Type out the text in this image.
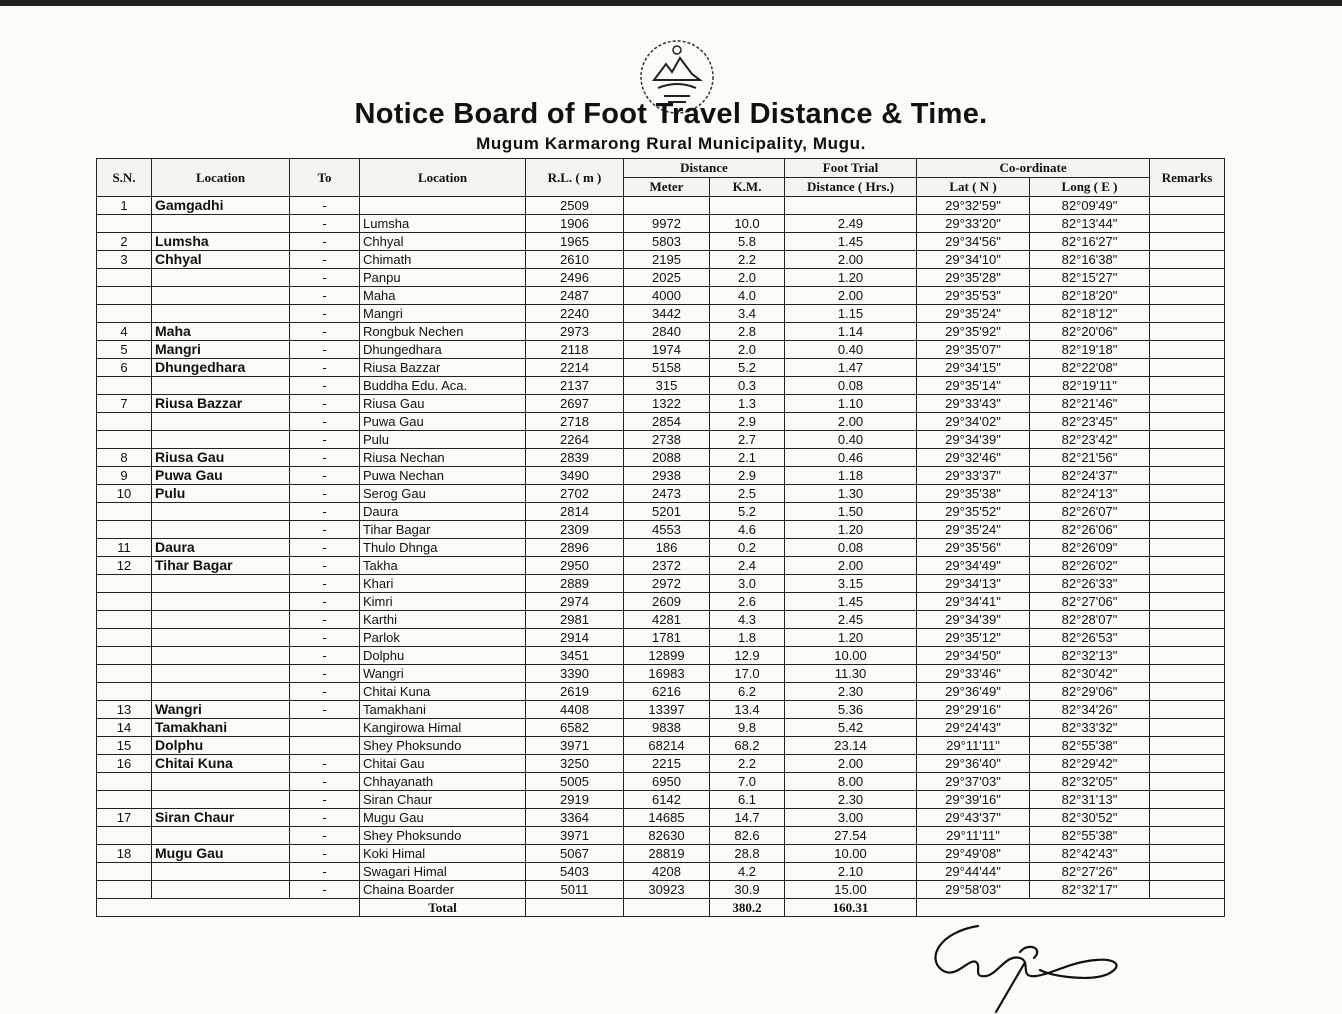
Notice Board of Foot Travel Distance & Time.
Mugum Karmarong Rural Municipality, Mugu.
S.N.	Location	To	Location	R.L. ( m )	Distance		Foot Trial	Co-ordinate		Remarks
					Meter	K.M.	Distance ( Hrs.)	Lat ( N )	Long ( E )	
1	Gamgadhi	-		2509				29°32'59"	82°09'49"	
		-	Lumsha	1906	9972	10.0	2.49	29°33'20"	82°13'44"	
2	Lumsha	-	Chhyal	1965	5803	5.8	1.45	29°34'56"	82°16'27"	
3	Chhyal	-	Chimath	2610	2195	2.2	2.00	29°34'10"	82°16'38"	
		-	Panpu	2496	2025	2.0	1.20	29°35'28"	82°15'27"	
		-	Maha	2487	4000	4.0	2.00	29°35'53"	82°18'20"	
		-	Mangri	2240	3442	3.4	1.15	29°35'24"	82°18'12"	
4	Maha	-	Rongbuk Nechen	2973	2840	2.8	1.14	29°35'92"	82°20'06"	
5	Mangri	-	Dhungedhara	2118	1974	2.0	0.40	29°35'07"	82°19'18"	
6	Dhungedhara	-	Riusa Bazzar	2214	5158	5.2	1.47	29°34'15"	82°22'08"	
		-	Buddha Edu. Aca.	2137	315	0.3	0.08	29°35'14"	82°19'11"	
7	Riusa Bazzar	-	Riusa Gau	2697	1322	1.3	1.10	29°33'43"	82°21'46"	
		-	Puwa Gau	2718	2854	2.9	2.00	29°34'02"	82°23'45"	
		-	Pulu	2264	2738	2.7	0.40	29°34'39"	82°23'42"	
8	Riusa Gau	-	Riusa Nechan	2839	2088	2.1	0.46	29°32'46"	82°21'56"	
9	Puwa Gau	-	Puwa Nechan	3490	2938	2.9	1.18	29°33'37"	82°24'37"	
10	Pulu	-	Serog Gau	2702	2473	2.5	1.30	29°35'38"	82°24'13"	
		-	Daura	2814	5201	5.2	1.50	29°35'52"	82°26'07"	
		-	Tihar Bagar	2309	4553	4.6	1.20	29°35'24"	82°26'06"	
11	Daura	-	Thulo Dhnga	2896	186	0.2	0.08	29°35'56"	82°26'09"	
12	Tihar Bagar	-	Takha	2950	2372	2.4	2.00	29°34'49"	82°26'02"	
		-	Khari	2889	2972	3.0	3.15	29°34'13"	82°26'33"	
		-	Kimri	2974	2609	2.6	1.45	29°34'41"	82°27'06"	
		-	Karthi	2981	4281	4.3	2.45	29°34'39"	82°28'07"	
		-	Parlok	2914	1781	1.8	1.20	29°35'12"	82°26'53"	
		-	Dolphu	3451	12899	12.9	10.00	29°34'50"	82°32'13"	
		-	Wangri	3390	16983	17.0	11.30	29°33'46"	82°30'42"	
		-	Chitai Kuna	2619	6216	6.2	2.30	29°36'49"	82°29'06"	
13	Wangri	-	Tamakhani	4408	13397	13.4	5.36	29°29'16"	82°34'26"	
14	Tamakhani		Kangirowa Himal	6582	9838	9.8	5.42	29°24'43"	82°33'32"	
15	Dolphu		Shey Phoksundo	3971	68214	68.2	23.14	29°11'11"	82°55'38"	
16	Chitai Kuna	-	Chitai Gau	3250	2215	2.2	2.00	29°36'40"	82°29'42"	
		-	Chhayanath	5005	6950	7.0	8.00	29°37'03"	82°32'05"	
		-	Siran Chaur	2919	6142	6.1	2.30	29°39'16"	82°31'13"	
17	Siran Chaur	-	Mugu Gau	3364	14685	14.7	3.00	29°43'37"	82°30'52"	
		-	Shey Phoksundo	3971	82630	82.6	27.54	29°11'11"	82°55'38"	
18	Mugu Gau	-	Koki Himal	5067	28819	28.8	10.00	29°49'08"	82°42'43"	
		-	Swagari Himal	5403	4208	4.2	2.10	29°44'44"	82°27'26"	
		-	Chaina Boarder	5011	30923	30.9	15.00	29°58'03"	82°32'17"	
			Total			380.2	160.31			
